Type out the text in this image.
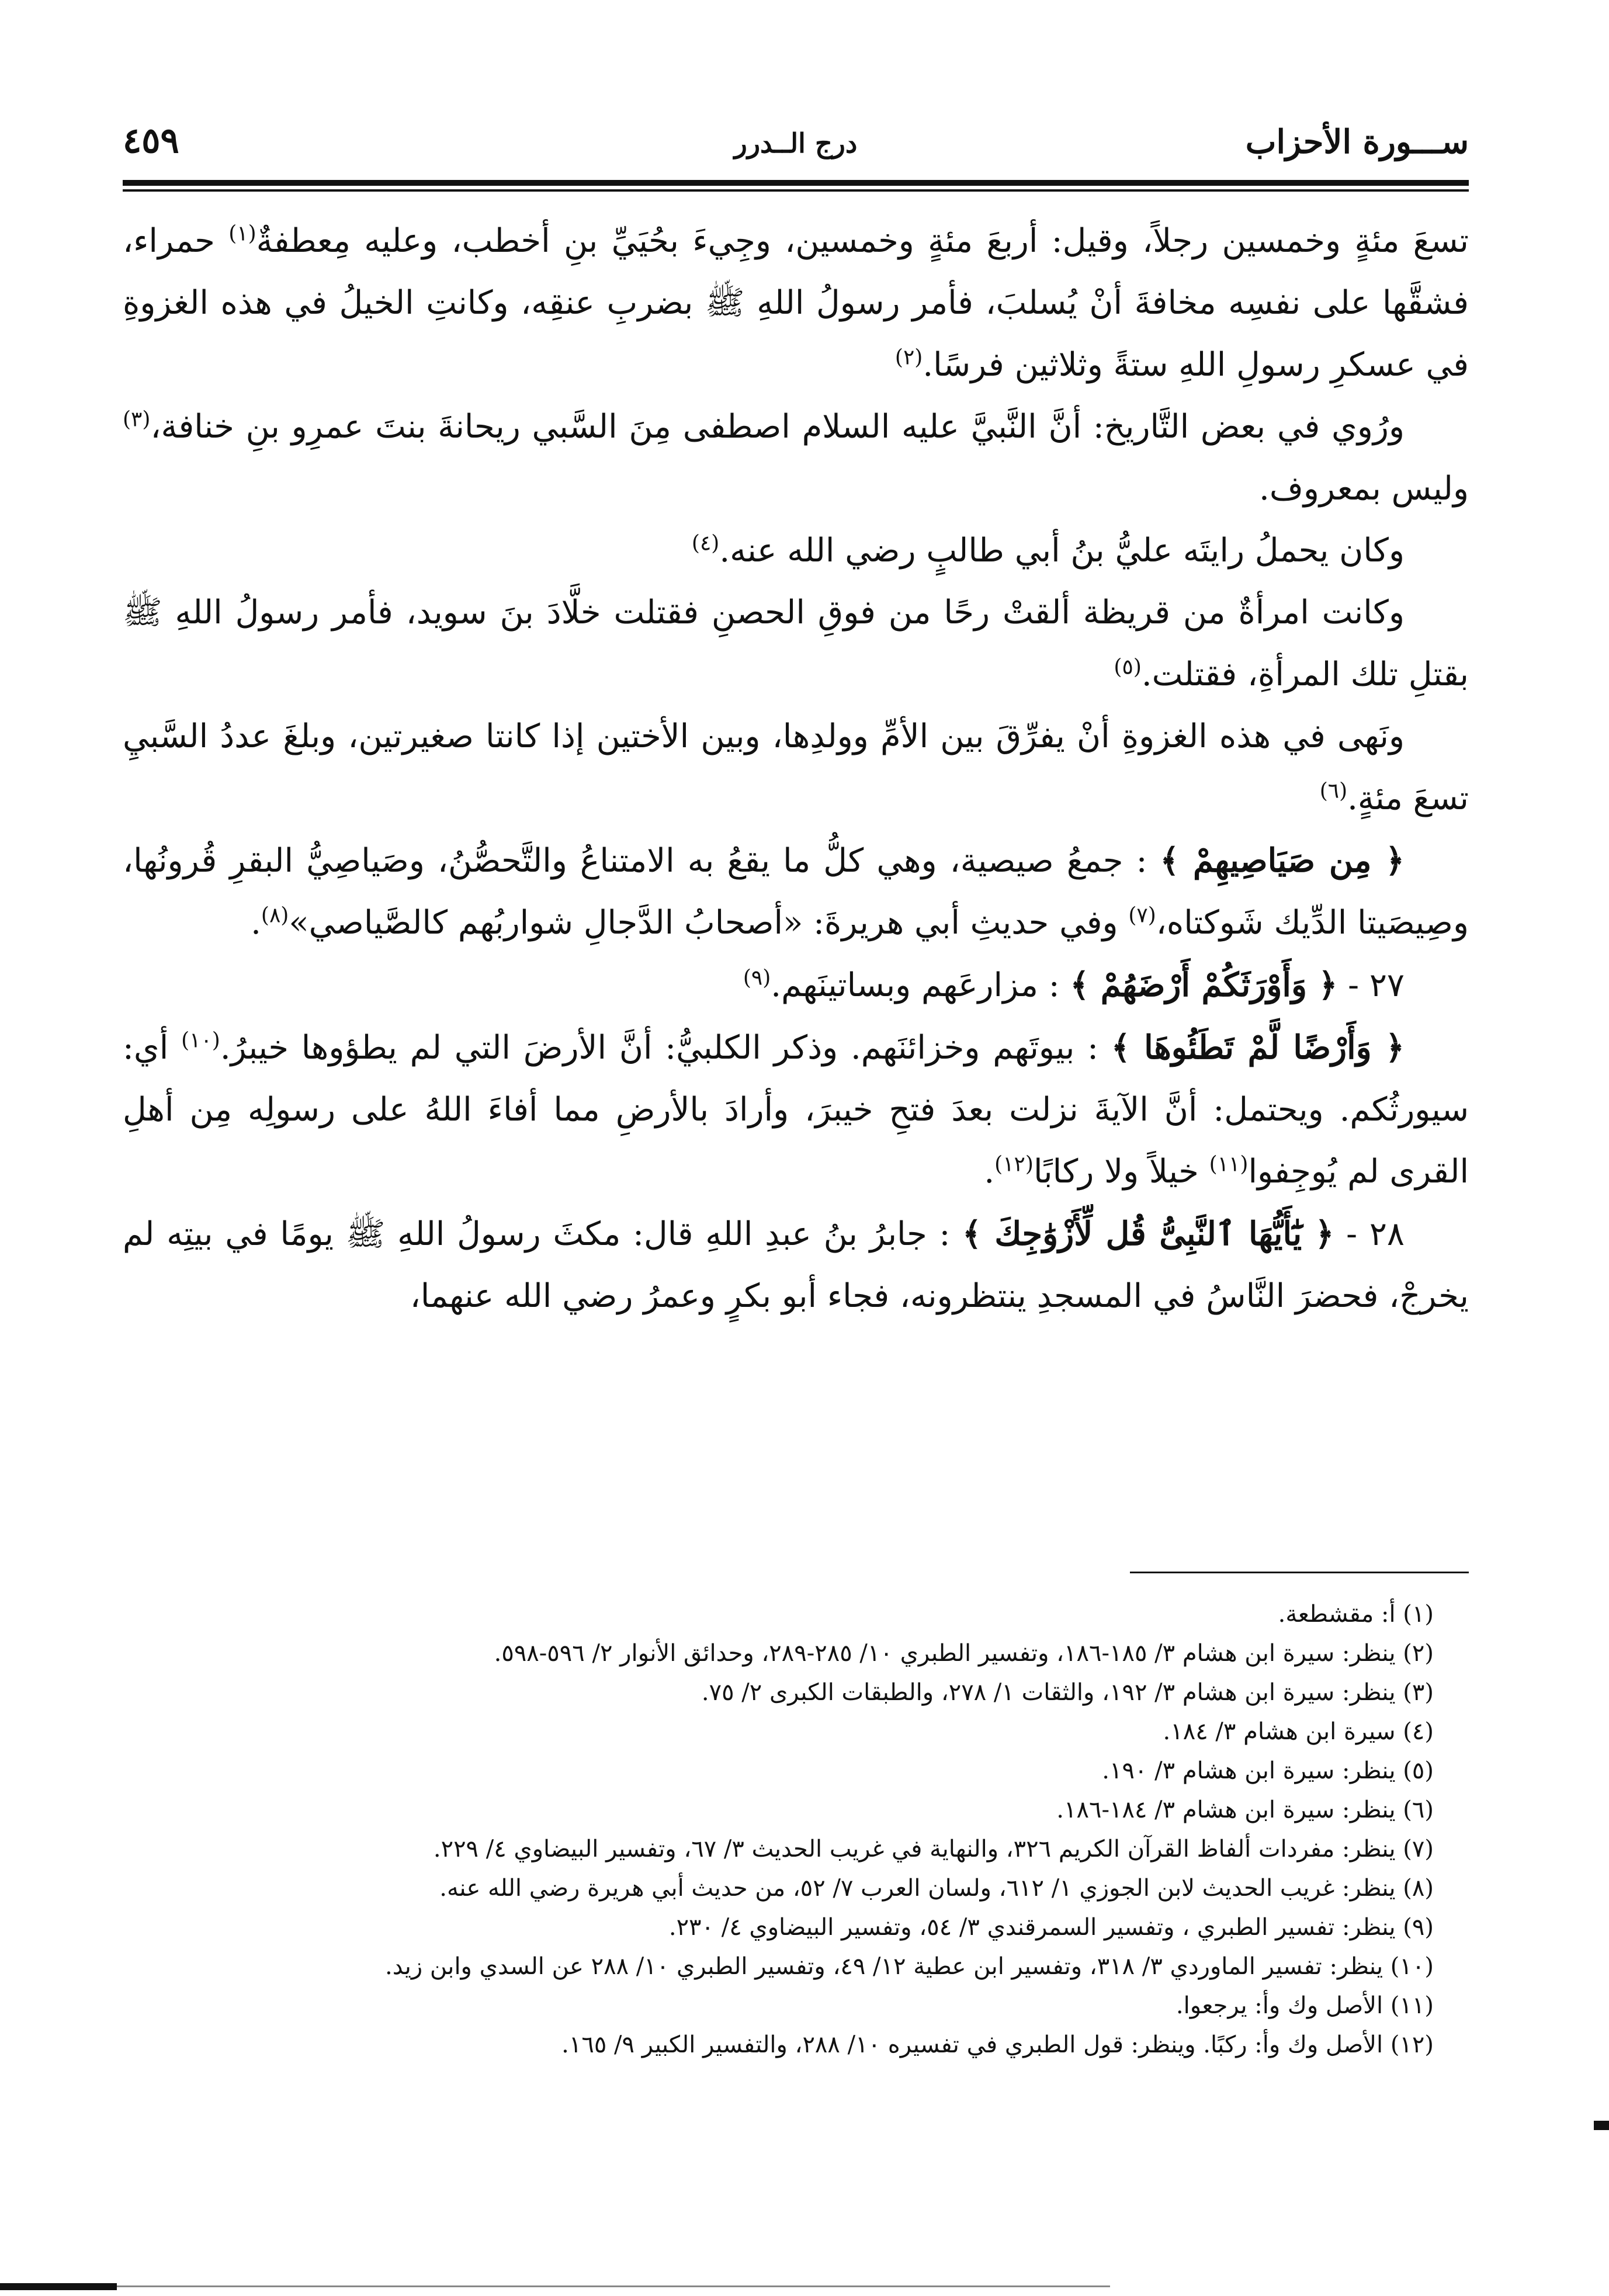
ســـورة الأحزاب
درج الــدرر
٤٥٩

تسعَ مئةٍ وخمسين رجلاً، وقيل: أربعَ مئةٍ وخمسين، وجِيءَ بحُيَيِّ بنِ أخطب، وعليه مِعطفةٌ$^{(١)}$ حمراء، فشقَّها على نفسِه مخافةَ أنْ يُسلبَ، فأمر رسولُ اللهِ ﷺ بضربِ عنقِه، وكانتِ الخيلُ في هذه الغزوةِ في عسكرِ رسولِ اللهِ ستةً وثلاثين فرسًا.$^{(٢)}$

ورُوي في بعض التَّاريخ: أنَّ النَّبيَّ عليه السلام اصطفى مِنَ السَّبي ريحانةَ بنتَ عمرِو بنِ خنافة،$^{(٣)}$ وليس بمعروف.

وكان يحملُ رايتَه عليُّ بنُ أبي طالبٍ رضي الله عنه.$^{(٤)}$

وكانت امرأةٌ من قريظة ألقتْ رحًا من فوقِ الحصنِ فقتلت خلَّادَ بنَ سويد، فأمر رسولُ اللهِ ﷺ بقتلِ تلك المرأةِ، فقتلت.$^{(٥)}$

ونَهى في هذه الغزوةِ أنْ يفرِّقَ بين الأمِّ وولدِها، وبين الأختين إذا كانتا صغيرتين، وبلغَ عددُ السَّبيِ تسعَ مئةٍ.$^{(٦)}$

﴿ مِن صَيَاصِيهِمْ ﴾ : جمعُ صيصية، وهي كلُّ ما يقعُ به الامتناعُ والتَّحصُّنُ، وصَياصِيُّ البقرِ قُرونُها، وصِيصَيتا الدِّيك شَوكتاه،$^{(٧)}$ وفي حديثِ أبي هريرةَ: «أصحابُ الدَّجالِ شواربُهم كالصَّياصي»$^{(٨)}$.

٢٧ - ﴿ وَأَوْرَثَكُمْ أَرْضَهُمْ ﴾ : مزارعَهم وبساتينَهم.$^{(٩)}$

﴿ وَأَرْضًا لَّمْ تَطَئُوهَا ﴾ : بيوتَهم وخزائنَهم. وذكر الكلبيُّ: أنَّ الأرضَ التي لم يطؤوها خيبرُ.$^{(١٠)}$ أي: سيورثُكم. ويحتمل: أنَّ الآيةَ نزلت بعدَ فتحِ خيبرَ، وأرادَ بالأرضِ مما أفاءَ اللهُ على رسولِه مِن أهلِ القرى لم يُوجِفوا$^{(١١)}$ خيلاً ولا ركابًا$^{(١٢)}$.

٢٨ - ﴿ يَٰٓأَيُّهَا ٱلنَّبِىُّ قُل لِّأَزْوَٰجِكَ ﴾ : جابرُ بنُ عبدِ اللهِ قال: مكثَ رسولُ اللهِ ﷺ يومًا في بيتِه لم يخرجْ، فحضرَ النَّاسُ في المسجدِ ينتظرونه، فجاء أبو بكرٍ وعمرُ رضي الله عنهما،

(١) أ: مقشطعة.
(٢) ينظر: سيرة ابن هشام ٣/ ١٨٥-١٨٦، وتفسير الطبري ١٠/ ٢٨٥-٢٨٩، وحدائق الأنوار ٢/ ٥٩٦-٥٩٨.
(٣) ينظر: سيرة ابن هشام ٣/ ١٩٢، والثقات ١/ ٢٧٨، والطبقات الكبرى ٢/ ٧٥.
(٤) سيرة ابن هشام ٣/ ١٨٤.
(٥) ينظر: سيرة ابن هشام ٣/ ١٩٠.
(٦) ينظر: سيرة ابن هشام ٣/ ١٨٤-١٨٦.
(٧) ينظر: مفردات ألفاظ القرآن الكريم ٣٢٦، والنهاية في غريب الحديث ٣/ ٦٧، وتفسير البيضاوي ٤/ ٢٢٩.
(٨) ينظر: غريب الحديث لابن الجوزي ١/ ٦١٢، ولسان العرب ٧/ ٥٢، من حديث أبي هريرة رضي الله عنه.
(٩) ينظر: تفسير الطبري ، وتفسير السمرقندي ٣/ ٥٤، وتفسير البيضاوي ٤/ ٢٣٠.
(١٠) ينظر: تفسير الماوردي ٣/ ٣١٨، وتفسير ابن عطية ١٢/ ٤٩، وتفسير الطبري ١٠/ ٢٨٨ عن السدي وابن زيد.
(١١) الأصل وك وأ: يرجعوا.
(١٢) الأصل وك وأ: ركبًا. وينظر: قول الطبري في تفسيره ١٠/ ٢٨٨، والتفسير الكبير ٩/ ١٦٥.
